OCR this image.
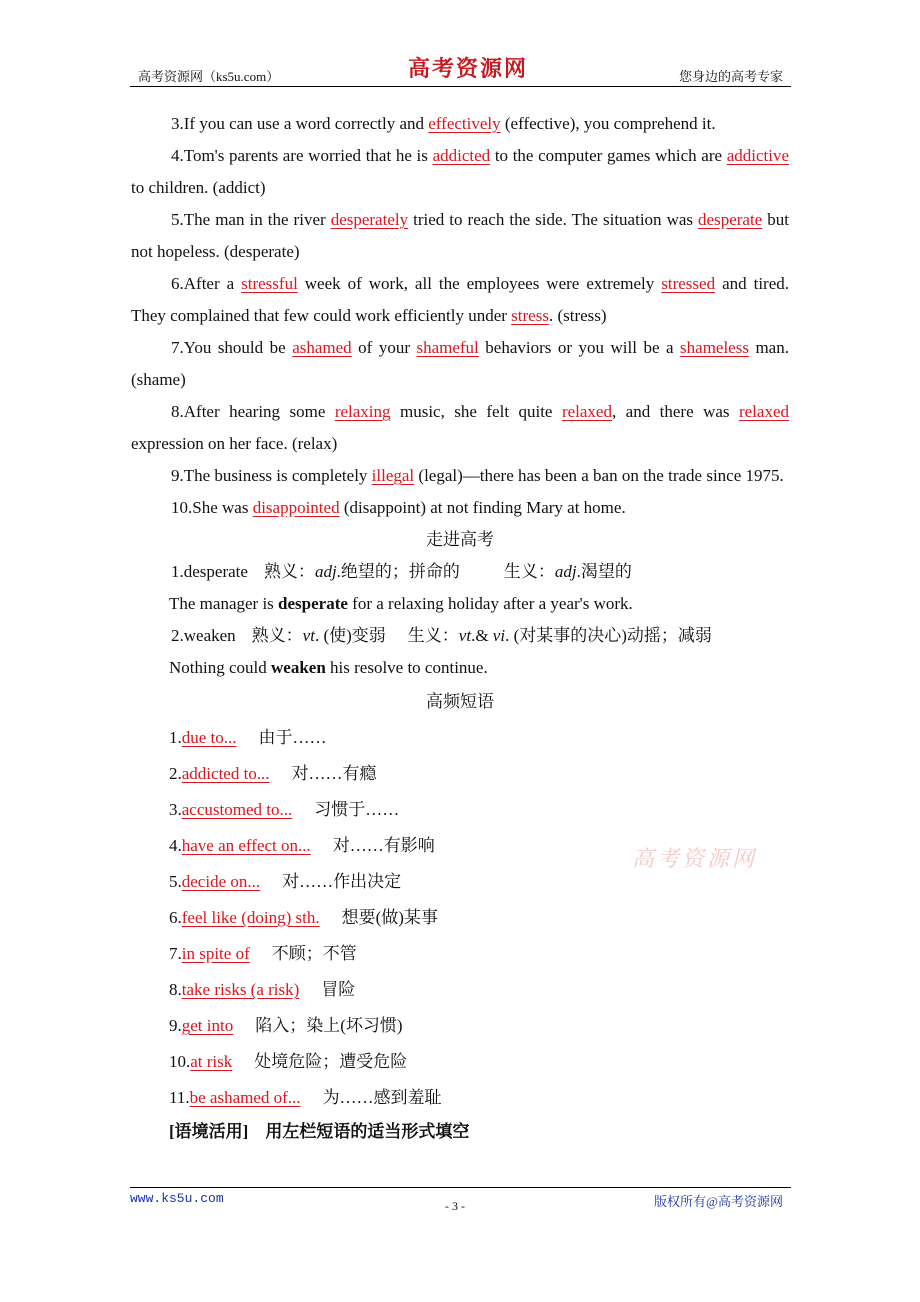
高考资源网（ks5u.com）	高考资源网	您身边的高考专家
3.If you can use a word correctly and effectively (effective), you comprehend it.
4.Tom's parents are worried that he is addicted to the computer games which are addictive to children. (addict)
5.The man in the river desperately tried to reach the side. The situation was desperate but not hopeless. (desperate)
6.After a stressful week of work, all the employees were extremely stressed and tired. They complained that few could work efficiently under stress. (stress)
7.You should be ashamed of your shameful behaviors or you will be a shameless man. (shame)
8.After hearing some relaxing music, she felt quite relaxed, and there was relaxed expression on her face. (relax)
9.The business is completely illegal (legal)—there has been a ban on the trade since 1975.
10.She was disappointed (disappoint) at not finding Mary at home.
走进高考
1.desperate 熟义：adj.绝望的；拼命的	生义：adj.渴望的
The manager is desperate for a relaxing holiday after a year's work.
2.weaken 熟义：vt. (使)变弱 生义：vt.& vi. (对某事的决心)动摇；减弱
Nothing could weaken his resolve to continue.
高频短语
1.due to... 由于……
2.addicted to... 对……有瘾
3.accustomed to... 习惯于……
4.have an effect on... 对……有影响
5.decide on... 对……作出决定
6.feel like (doing) sth. 想要(做)某事
7.in spite of 不顾；不管
8.take risks (a risk) 冒险
9.get into 陷入；染上(坏习惯)
10.at risk 处境危险；遭受危险
11.be ashamed of... 为……感到羞耻
[语境活用]　用左栏短语的适当形式填空
高考资源网
www.ks5u.com	- 3 -	版权所有@高考资源网
